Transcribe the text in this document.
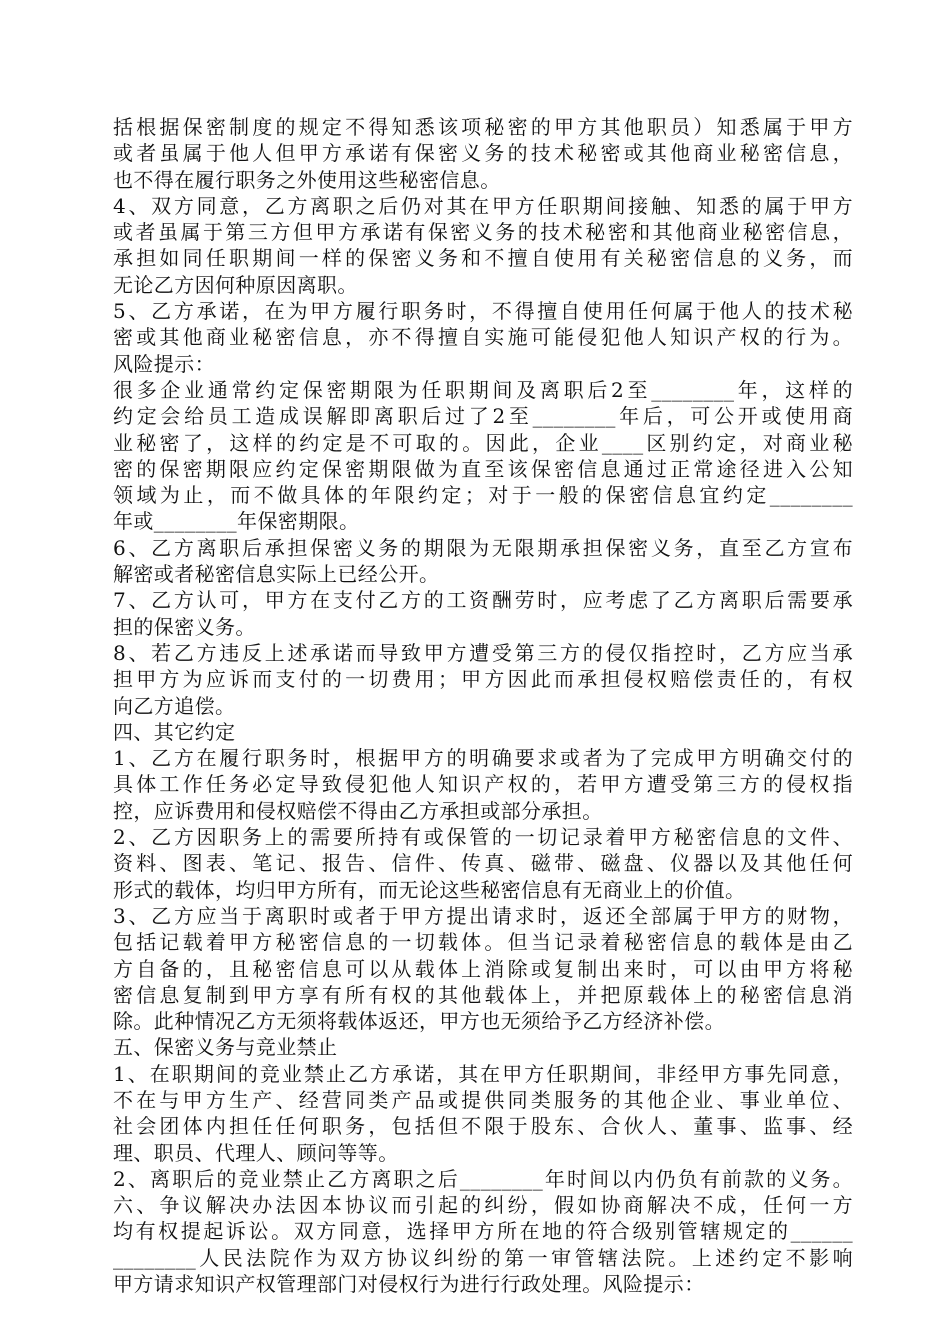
括根据保密制度的规定不得知悉该项秘密的甲方其他职员）知悉属于甲方
或者虽属于他人但甲方承诺有保密义务的技术秘密或其他商业秘密信息，
也不得在履行职务之外使用这些秘密信息。
4、双方同意，乙方离职之后仍对其在甲方任职期间接触、知悉的属于甲方
或者虽属于第三方但甲方承诺有保密义务的技术秘密和其他商业秘密信息，
承担如同任职期间一样的保密义务和不擅自使用有关秘密信息的义务，而
无论乙方因何种原因离职。
5、乙方承诺，在为甲方履行职务时，不得擅自使用任何属于他人的技术秘
密或其他商业秘密信息，亦不得擅自实施可能侵犯他人知识产权的行为。
风险提示：
很多企业通常约定保密期限为任职期间及离职后2至________年，这样的
约定会给员工造成误解即离职后过了2至________年后，可公开或使用商
业秘密了，这样的约定是不可取的。因此，企业____区别约定，对商业秘
密的保密期限应约定保密期限做为直至该保密信息通过正常途径进入公知
领域为止，而不做具体的年限约定；对于一般的保密信息宜约定________
年或________年保密期限。
6、乙方离职后承担保密义务的期限为无限期承担保密义务，直至乙方宣布
解密或者秘密信息实际上已经公开。
7、乙方认可，甲方在支付乙方的工资酬劳时，应考虑了乙方离职后需要承
担的保密义务。
8、若乙方违反上述承诺而导致甲方遭受第三方的侵仅指控时，乙方应当承
担甲方为应诉而支付的一切费用；甲方因此而承担侵权赔偿责任的，有权
向乙方追偿。
四、其它约定
1、乙方在履行职务时，根据甲方的明确要求或者为了完成甲方明确交付的
具体工作任务必定导致侵犯他人知识产权的，若甲方遭受第三方的侵权指
控，应诉费用和侵权赔偿不得由乙方承担或部分承担。
2、乙方因职务上的需要所持有或保管的一切记录着甲方秘密信息的文件、
资料、图表、笔记、报告、信件、传真、磁带、磁盘、仪器以及其他任何
形式的载体，均归甲方所有，而无论这些秘密信息有无商业上的价值。
3、乙方应当于离职时或者于甲方提出请求时，返还全部属于甲方的财物，
包括记载着甲方秘密信息的一切载体。但当记录着秘密信息的载体是由乙
方自备的，且秘密信息可以从载体上消除或复制出来时，可以由甲方将秘
密信息复制到甲方享有所有权的其他载体上，并把原载体上的秘密信息消
除。此种情况乙方无须将载体返还，甲方也无须给予乙方经济补偿。
五、保密义务与竞业禁止
1、在职期间的竞业禁止乙方承诺，其在甲方任职期间，非经甲方事先同意，
不在与甲方生产、经营同类产品或提供同类服务的其他企业、事业单位、
社会团体内担任任何职务，包括但不限于股东、合伙人、董事、监事、经
理、职员、代理人、顾问等等。
2、离职后的竞业禁止乙方离职之后________年时间以内仍负有前款的义务。
六、争议解决办法因本协议而引起的纠纷，假如协商解决不成，任何一方
均有权提起诉讼。双方同意，选择甲方所在地的符合级别管辖规定的______
________人民法院作为双方协议纠纷的第一审管辖法院。上述约定不影响
甲方请求知识产权管理部门对侵权行为进行行政处理。风险提示：
